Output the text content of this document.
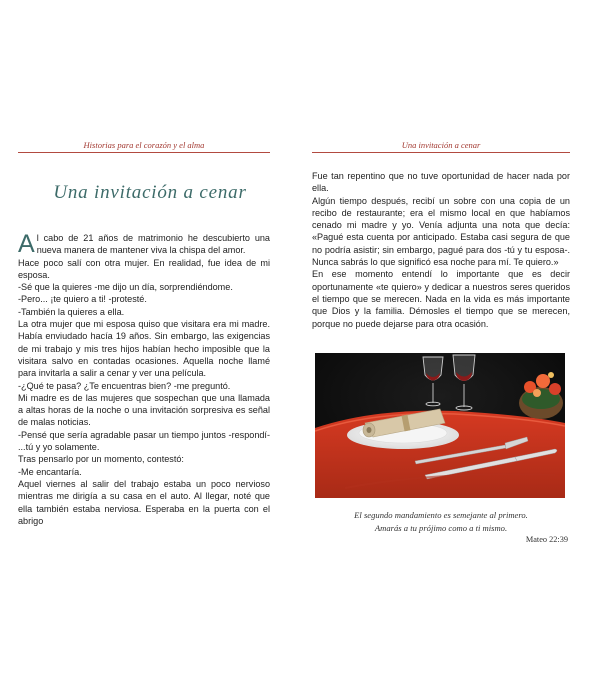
Historias para el corazón y el alma
Una invitación a cenar

Al cabo de 21 años de matrimonio he descubierto una nueva manera de mantener viva la chispa del amor.

Hace poco salí con otra mujer. En realidad, fue idea de mi esposa.

-Sé que la quieres -me dijo un día, sorprendiéndome.

-Pero... ¡te quiero a ti! -protesté.

-También la quieres a ella.

La otra mujer que mi esposa quiso que visitara era mi madre. Había enviudado hacía 19 años. Sin embargo, las exigencias de mi trabajo y mis tres hijos habían hecho imposible que la visitara salvo en contadas ocasiones. Aquella noche llamé para invitarla a salir a cenar y ver una película.

-¿Qué te pasa? ¿Te encuentras bien? -me preguntó.

Mi madre es de las mujeres que sospechan que una llamada a altas horas de la noche o una invitación sorpresiva es señal de malas noticias.

-Pensé que sería agradable pasar un tiempo juntos -respondí- ...tú y yo solamente.

Tras pensarlo por un momento, contestó:

-Me encantaría.

Aquel viernes al salir del trabajo estaba un poco nervioso mientras me dirigía a su casa en el auto. Al llegar, noté que ella también estaba nerviosa. Esperaba en la puerta con el abrigo

Una invitación a cenar

Fue tan repentino que no tuve oportunidad de hacer nada por ella.

Algún tiempo después, recibí un sobre con una copia de un recibo de restaurante; era el mismo local en que habíamos cenado mi madre y yo. Venía adjunta una nota que decía: «Pagué esta cuenta por anticipado. Estaba casi segura de que no podría asistir; sin embargo, pagué para dos -tú y tu esposa-. Nunca sabrás lo que significó esa noche para mí. Te quiero.»

En ese momento entendí lo importante que es decir oportunamente «te quiero» y dedicar a nuestros seres queridos el tiempo que se merecen. Nada en la vida es más importante que Dios y la familia. Démosles el tiempo que se merecen, porque no puede dejarse para otra ocasión.

El segundo mandamiento es semejante al primero.
Amarás a tu prójimo como a ti mismo.
Mateo 22:39
